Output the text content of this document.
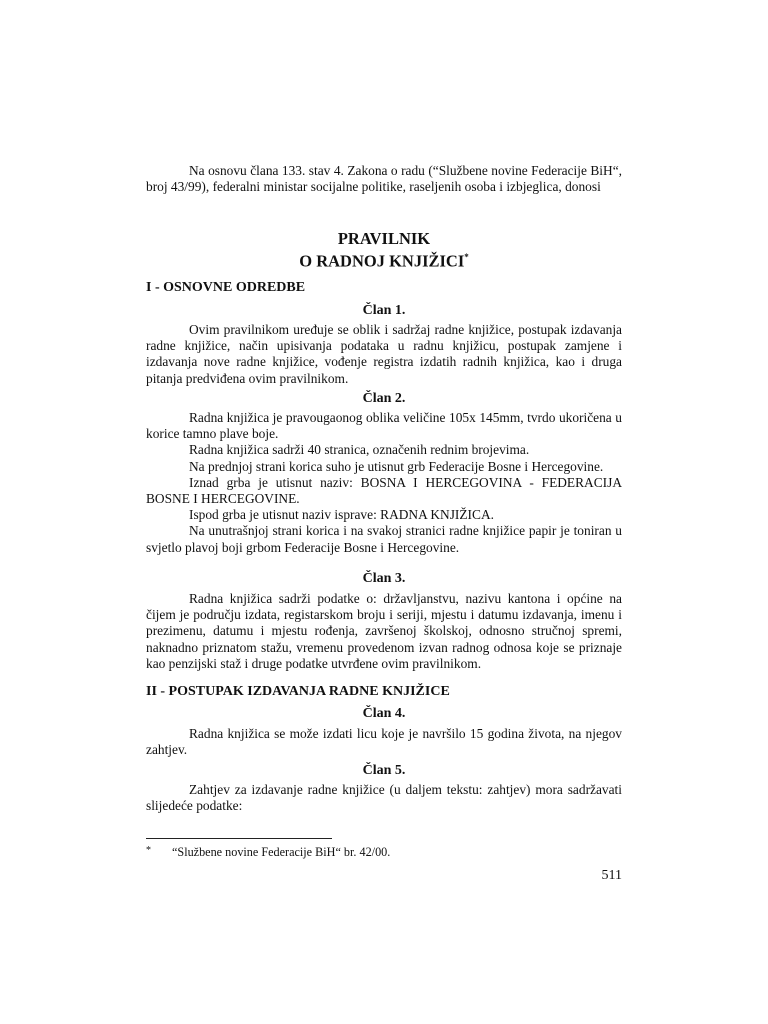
Na osnovu člana 133. stav 4. Zakona o radu (“Službene novine Federacije BiH“, broj 43/99), federalni ministar socijalne politike, raseljenih osoba i izbjeglica, donosi

PRAVILNIK
O RADNOJ KNJIŽICI*
I - OSNOVNE ODREDBE
Član 1.

Ovim pravilnikom uređuje se oblik i sadržaj radne knjižice, postupak izdavanja radne knjižice, način upisivanja podataka u radnu knjižicu, postupak zamjene i izdavanja nove radne knjižice, vođenje registra izdatih radnih knjižica, kao i druga pitanja predviđena ovim pravilnikom.

Član 2.

Radna knjižica je pravougaonog oblika veličine 105x 145mm, tvrdo ukoričena u korice tamno plave boje.

Radna knjižica sadrži 40 stranica, označenih rednim brojevima.

Na prednjoj strani korica suho je utisnut grb Federacije Bosne i Hercegovine.

Iznad grba je utisnut naziv: BOSNA I HERCEGOVINA - FEDERACIJA BOSNE I HERCEGOVINE.

Ispod grba je utisnut naziv isprave: RADNA KNJIŽICA.

Na unutrašnjoj strani korica i na svakoj stranici radne knjižice papir je toniran u svjetlo plavoj boji grbom Federacije Bosne i Hercegovine.

Član 3.

Radna knjižica sadrži podatke o: državljanstvu, nazivu kantona i općine na čijem je području izdata, registarskom broju i seriji, mjestu i datumu izdavanja, imenu i prezimenu, datumu i mjestu rođenja, završenoj školskoj, odnosno stručnoj spremi, naknadno priznatom stažu, vremenu provedenom izvan radnog odnosa koje se priznaje kao penzijski staž i druge podatke utvrđene ovim pravilnikom.

II - POSTUPAK IZDAVANJA RADNE KNJIŽICE
Član 4.

Radna knjižica se može izdati licu koje je navršilo 15 godina života, na njegov zahtjev.

Član 5.

Zahtjev za izdavanje radne knjižice (u daljem tekstu: zahtjev) mora sadržavati slijedeće podatke:

* “Službene novine Federacije BiH“ br. 42/00.
511
